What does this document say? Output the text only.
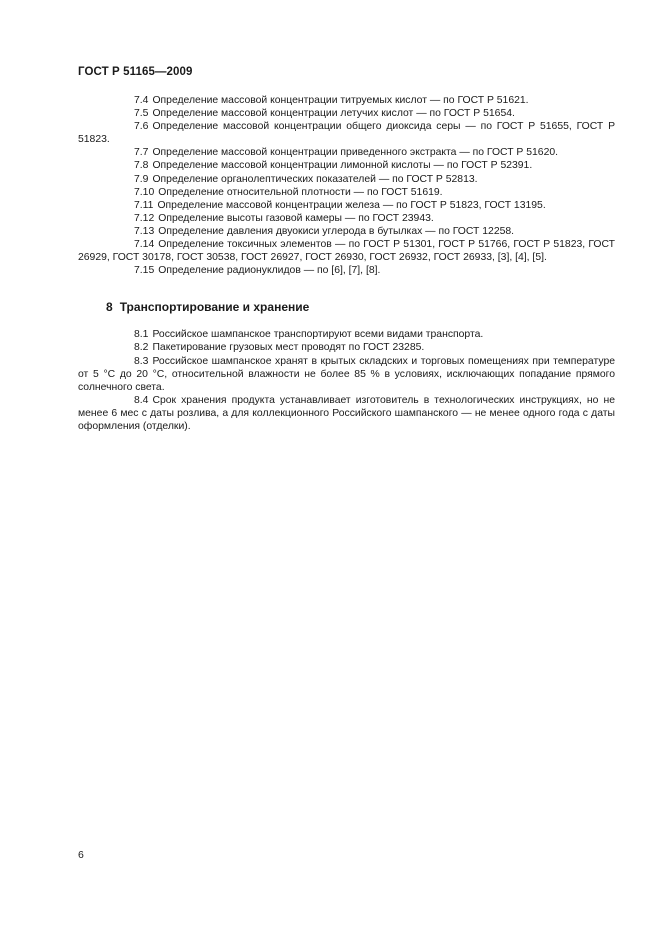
ГОСТ Р 51165—2009

7.4 Определение массовой концентрации титруемых кислот — по ГОСТ Р 51621.

7.5 Определение массовой концентрации летучих кислот — по ГОСТ Р 51654.

7.6 Определение массовой концентрации общего диоксида серы — по ГОСТ Р 51655, ГОСТ Р 51823.

7.7 Определение массовой концентрации приведенного экстракта — по ГОСТ Р 51620.

7.8 Определение массовой концентрации лимонной кислоты — по ГОСТ Р 52391.

7.9 Определение органолептических показателей — по ГОСТ Р 52813.

7.10 Определение относительной плотности — по ГОСТ 51619.

7.11 Определение массовой концентрации железа — по ГОСТ Р 51823, ГОСТ 13195.

7.12 Определение высоты газовой камеры — по ГОСТ 23943.

7.13 Определение давления двуокиси углерода в бутылках — по ГОСТ 12258.

7.14 Определение токсичных элементов — по ГОСТ Р 51301, ГОСТ Р 51766, ГОСТ Р 51823, ГОСТ 26929, ГОСТ 30178, ГОСТ 30538, ГОСТ 26927, ГОСТ 26930, ГОСТ 26932, ГОСТ 26933, [3], [4], [5].

7.15 Определение радионуклидов — по [6], [7], [8].

8 Транспортирование и хранение

8.1 Российское шампанское транспортируют всеми видами транспорта.

8.2 Пакетирование грузовых мест проводят по ГОСТ 23285.

8.3 Российское шампанское хранят в крытых складских и торговых помещениях при температуре от 5 °С до 20 °С, относительной влажности не более 85 % в условиях, исключающих попадание прямого солнечного света.

8.4 Срок хранения продукта устанавливает изготовитель в технологических инструкциях, но не менее 6 мес с даты розлива, а для коллекционного Российского шампанского — не менее одного года с даты оформления (отделки).

6
